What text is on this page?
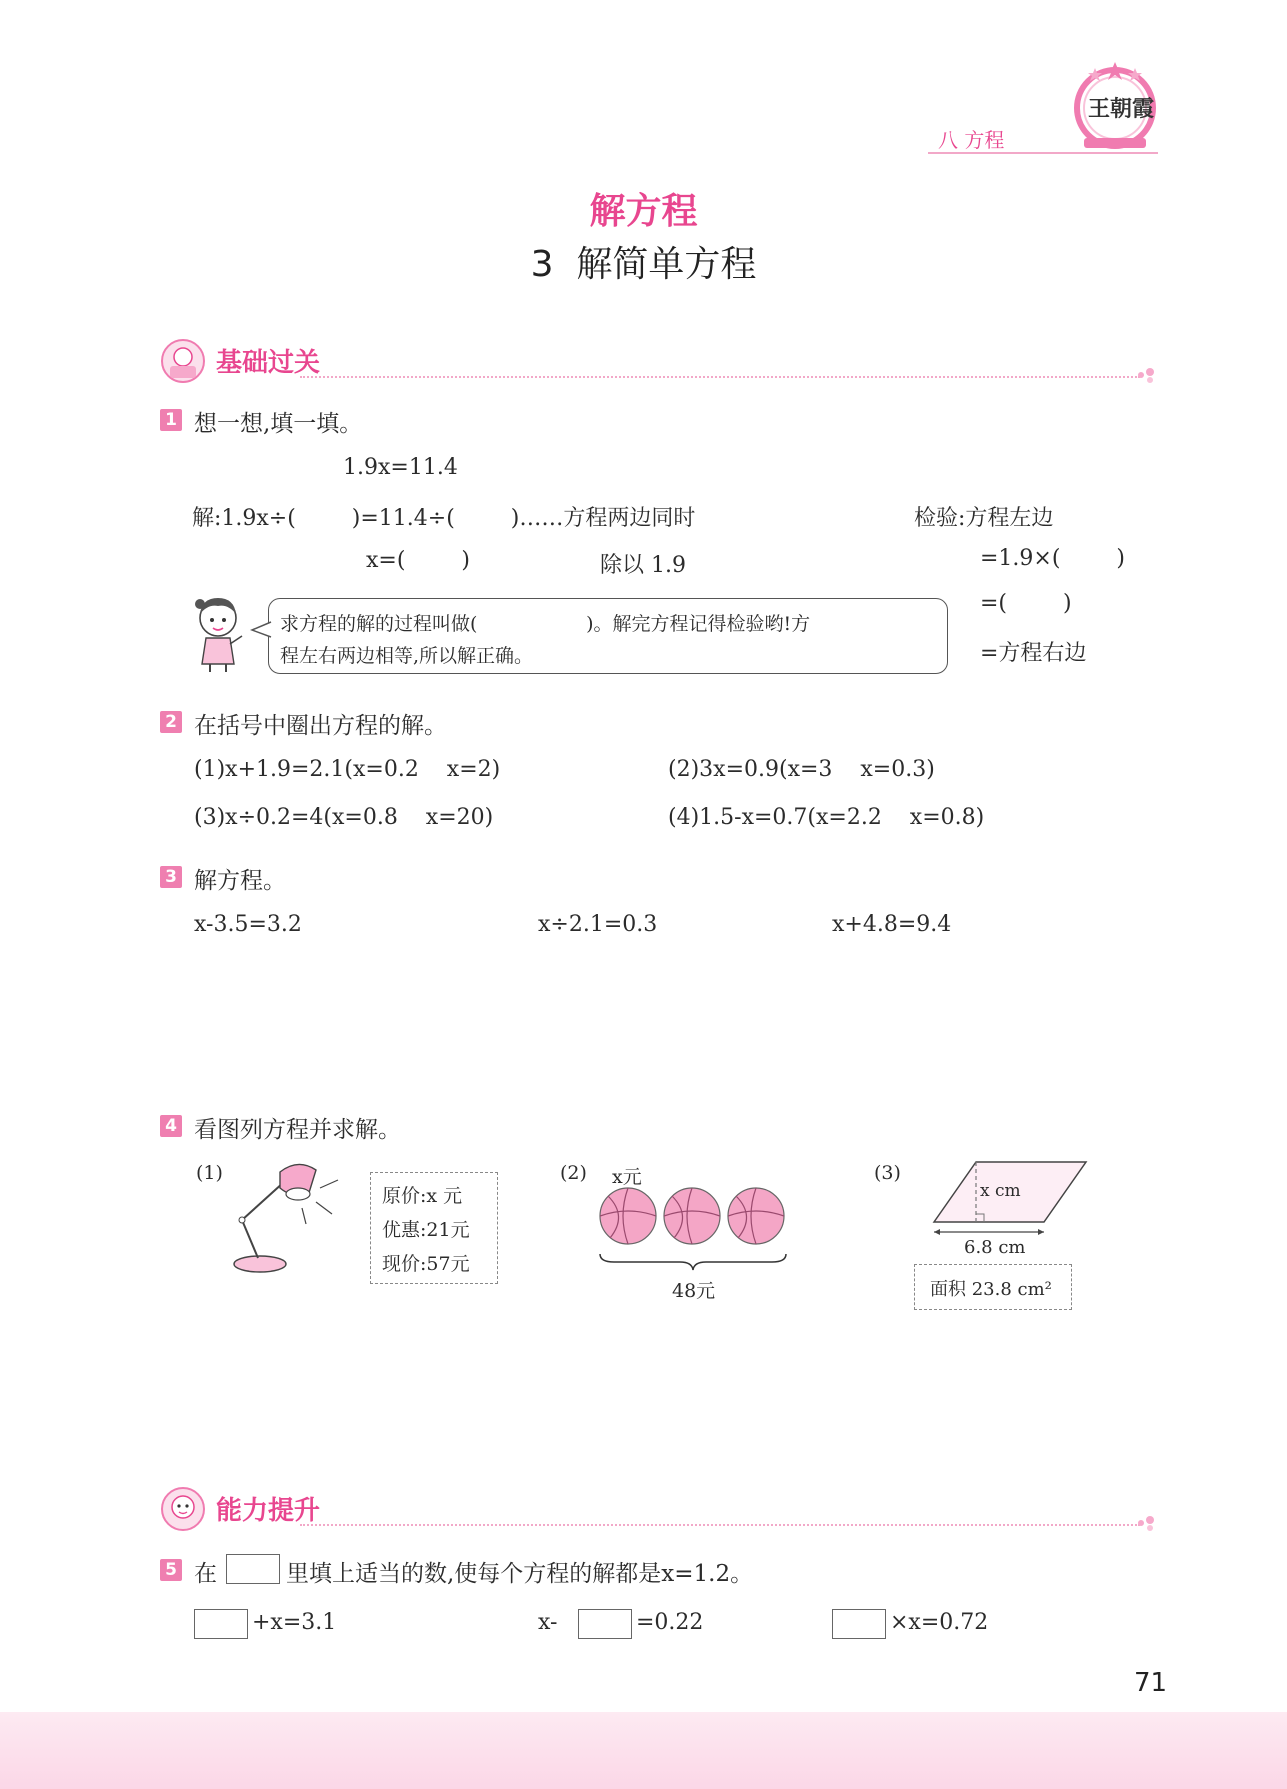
八 方程
王朝霞
解方程
3  解简单方程
基础过关
1 想一想,填一填。
1.9x=11.4
解:1.9x÷(        )=11.4÷(        )……方程两边同时
除以 1.9
x=(        )
检验:方程左边
=1.9×(        )
=(        )
=方程右边
求方程的解的过程叫做(                  )。解完方程记得检验哟!方
程左右两边相等,所以解正确。
2 在括号中圈出方程的解。
(1)x+1.9=2.1(x=0.2    x=2)	(2)3x=0.9(x=3    x=0.3)
(3)x÷0.2=4(x=0.8    x=20)	(4)1.5-x=0.7(x=2.2    x=0.8)
3 解方程。
x-3.5=3.2	x÷2.1=0.3	x+4.8=9.4
4 看图列方程并求解。
(1)
原价:x 元
优惠:21元
现价:57元
(2) x元
48元
(3)
x cm
6.8 cm
面积 23.8 cm²
能力提升
5 在	里填上适当的数,使每个方程的解都是x=1.2。
+x=3.1	x-	=0.22	×x=0.72
71
